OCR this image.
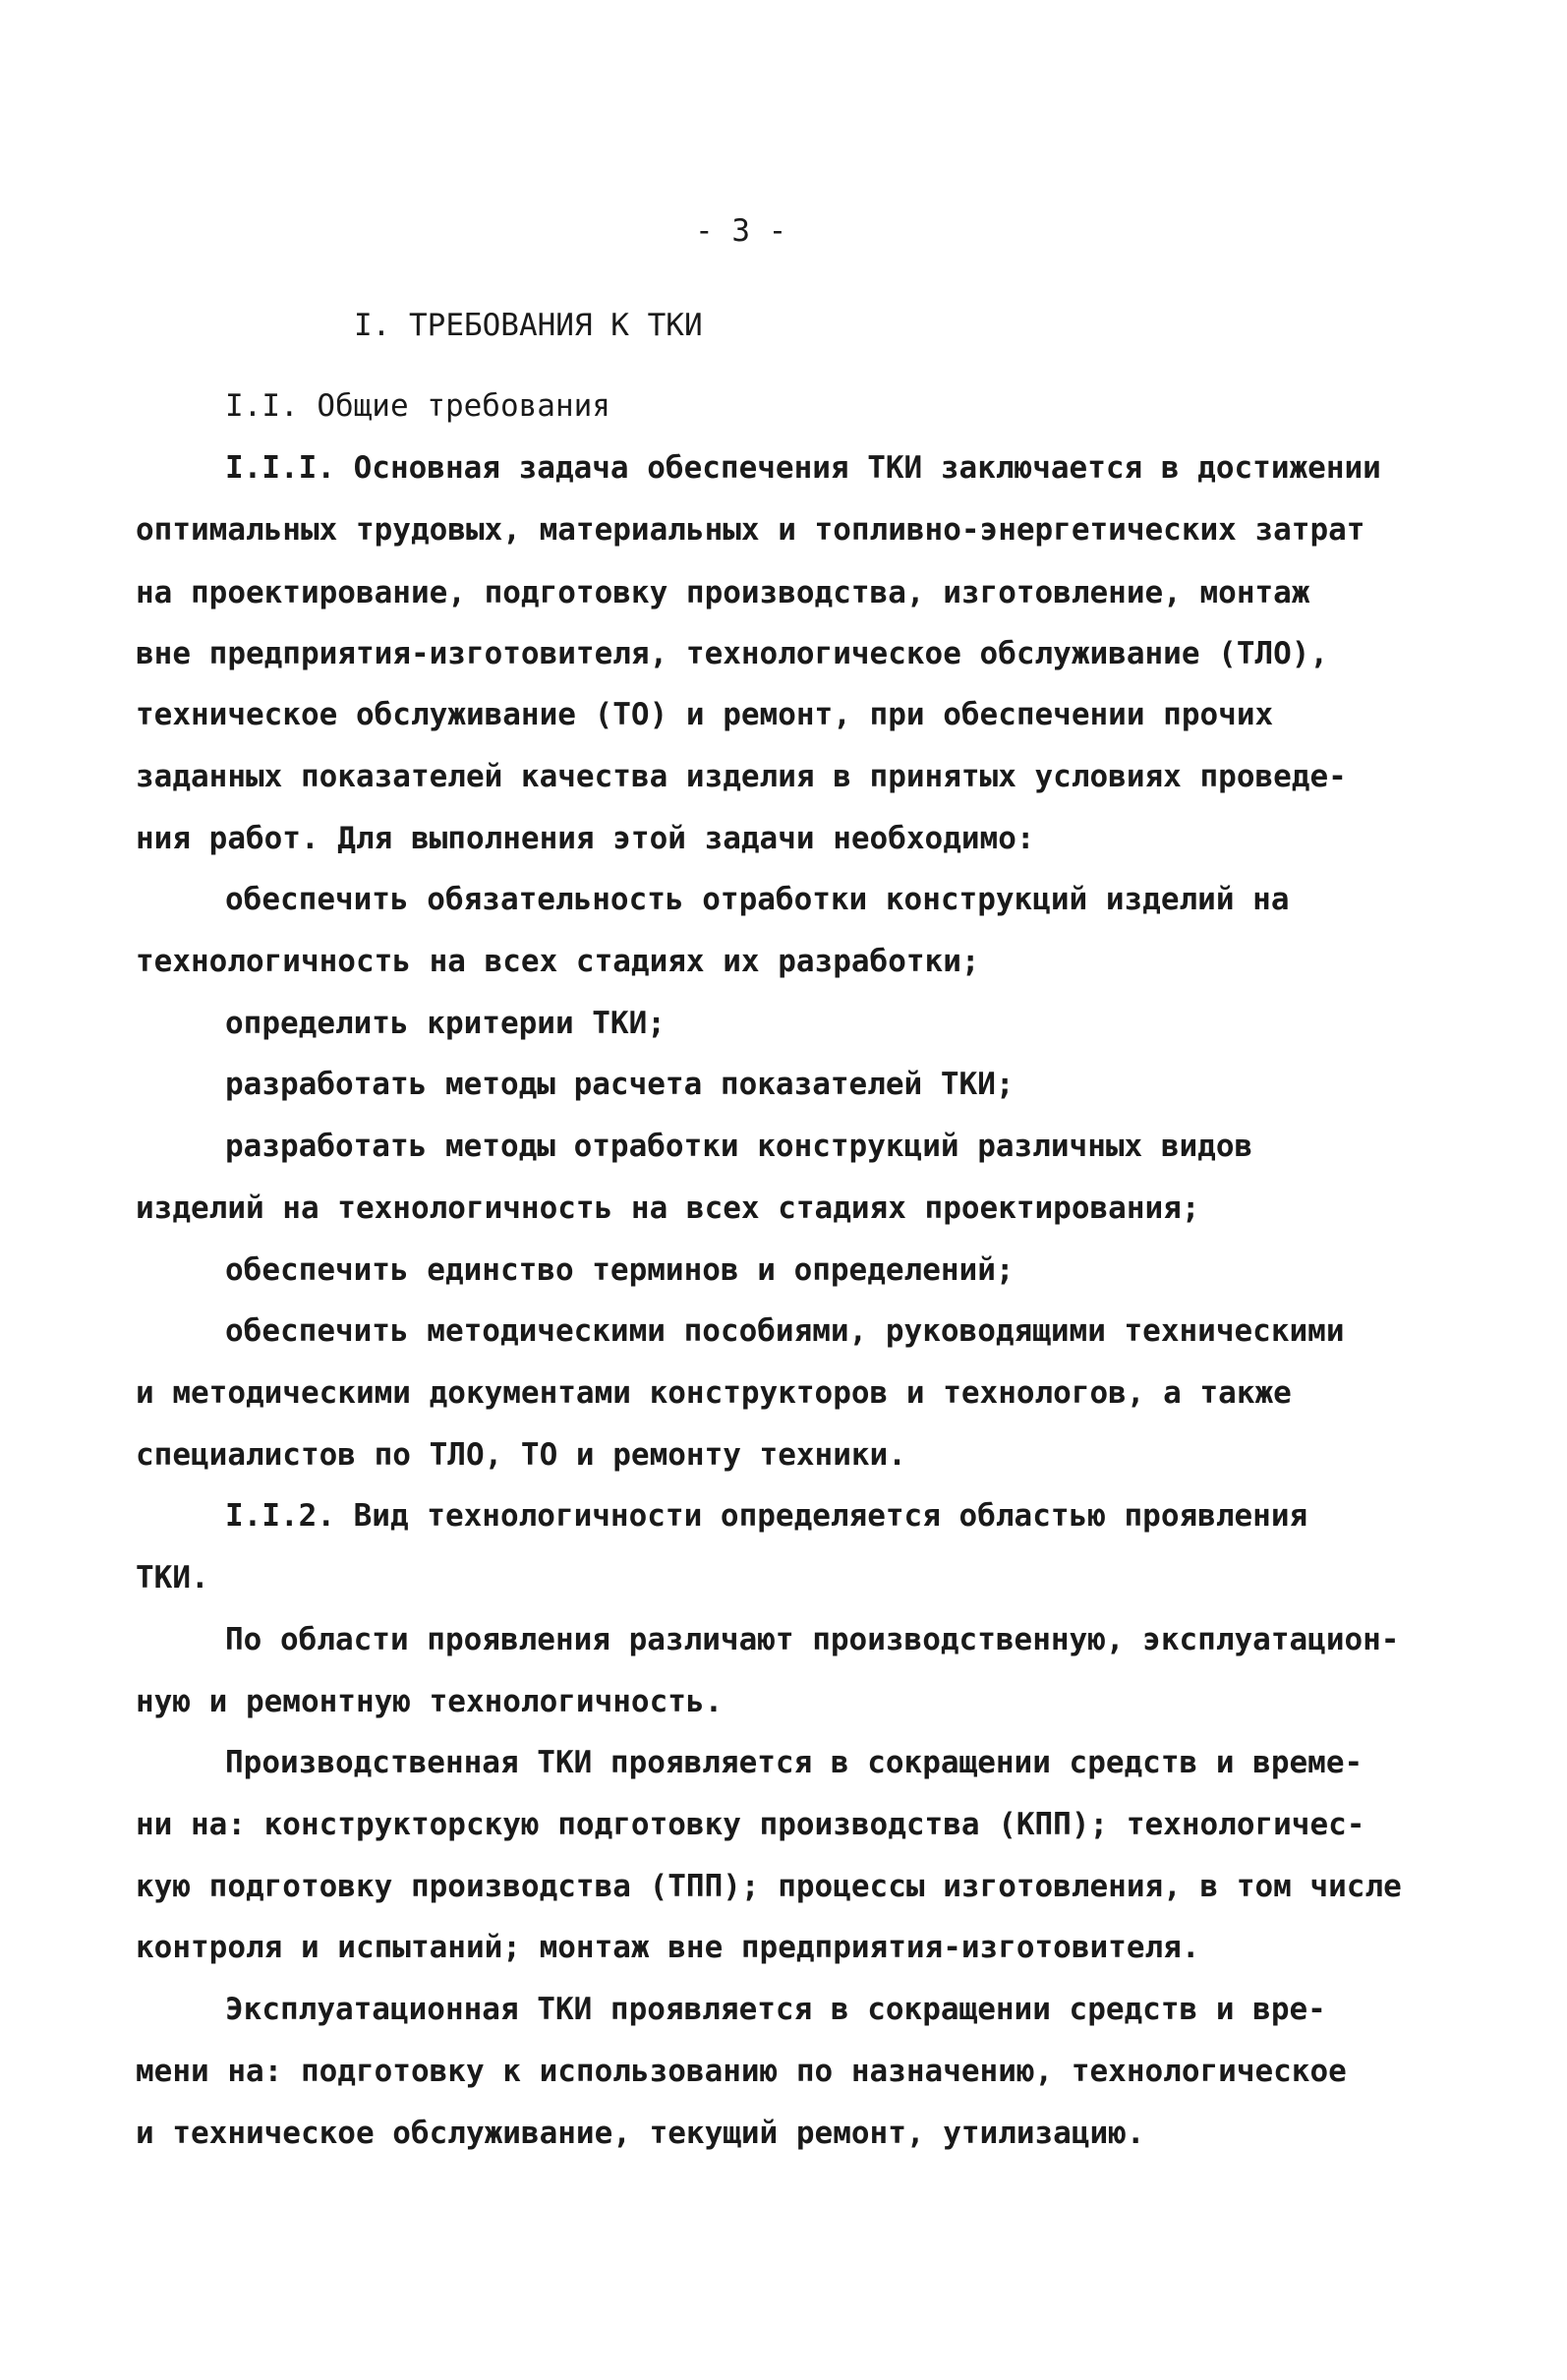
- 3 -
I. ТРЕБОВАНИЯ К ТКИ
I.I. Общие требования
I.I.I. Основная задача обеспечения ТКИ заключается в достижении
оптимальных трудовых, материальных и топливно-энергетических затрат
на проектирование, подготовку производства, изготовление, монтаж
вне предприятия-изготовителя, технологическое обслуживание (ТЛО),
техническое обслуживание (ТО) и ремонт, при обеспечении прочих
заданных показателей качества изделия в принятых условиях проведе-
ния работ. Для выполнения этой задачи необходимо:
обеспечить обязательность отработки конструкций изделий на
технологичность на всех стадиях их разработки;
определить критерии ТКИ;
разработать методы расчета показателей ТКИ;
разработать методы отработки конструкций различных видов
изделий на технологичность на всех стадиях проектирования;
обеспечить единство терминов и определений;
обеспечить методическими пособиями, руководящими техническими
и методическими документами конструкторов и технологов, а также
специалистов по ТЛО, ТО и ремонту техники.
I.I.2. Вид технологичности определяется областью проявления
ТКИ.
По области проявления различают производственную, эксплуатацион-
ную и ремонтную технологичность.
Производственная ТКИ проявляется в сокращении средств и време-
ни на: конструкторскую подготовку производства (КПП); технологичес-
кую подготовку производства (ТПП); процессы изготовления, в том числе
контроля и испытаний; монтаж вне предприятия-изготовителя.
Эксплуатационная ТКИ проявляется в сокращении средств и вре-
мени на: подготовку к использованию по назначению, технологическое
и техническое обслуживание, текущий ремонт, утилизацию.
